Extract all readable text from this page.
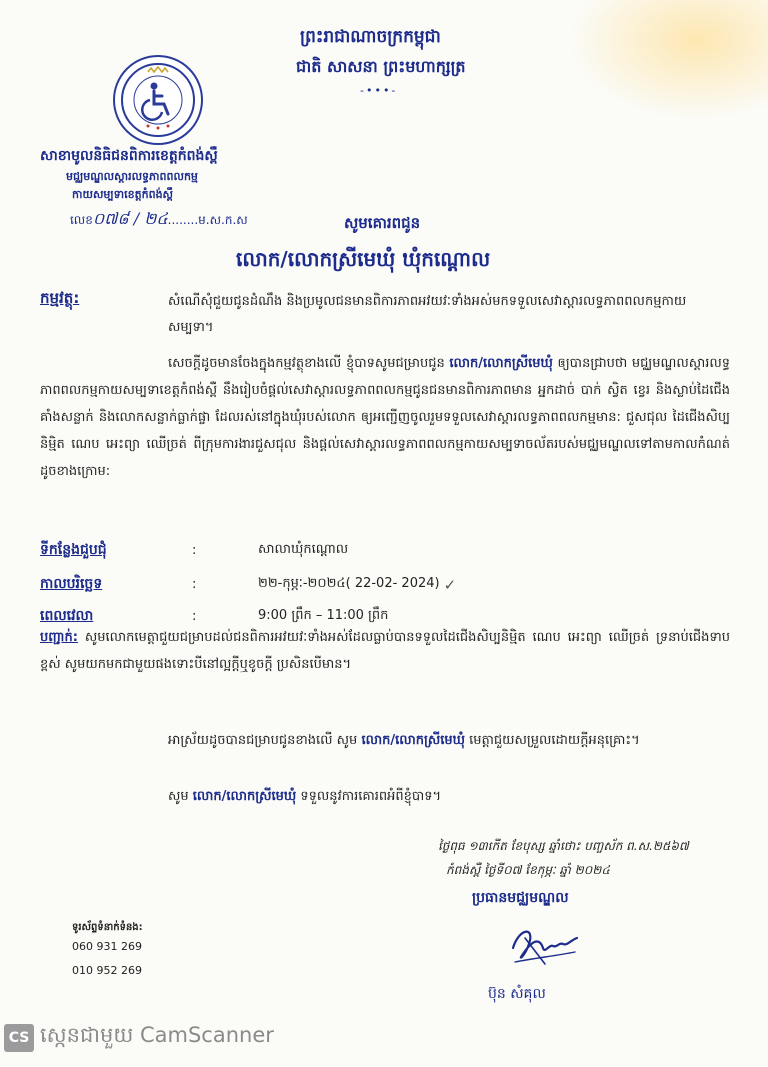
ព្រះរាជាណាចក្រកម្ពុជា
ជាតិ សាសនា ព្រះមហាក្សត្រ
-•••-
សាខាមូលនិធិជនពិការខេត្តកំពង់ស្ពឺ
មជ្ឈមណ្ឌលស្តារលទ្ធភាពពលកម្ម
កាយសម្បទាខេត្តកំពង់ស្ពឺ
លេខ០៧៨ / ២៤........ម.ស.ក.ស	សូមគោរពជូន
លោក/លោកស្រីមេឃុំ ឃុំកណ្តោល
កម្មវត្ថុ:	សំណើសុំជួយជូនដំណឹង និងប្រមូលជនមានពិការភាពអវយវៈទាំងអស់មកទទួលសេវាស្តារលទ្ធភាពពលកម្មកាយសម្បទា។
សេចក្តីដូចមានចែងក្នុងកម្មវត្ថុខាងលើ ខ្ញុំបាទសូមជម្រាបជូន លោក/លោកស្រីមេឃុំ ឲ្យបានជ្រាបថា មជ្ឈមណ្ឌលស្តារលទ្ធភាពពលកម្មកាយសម្បទាខេត្តកំពង់ស្ពឺ នឹងរៀបចំផ្តល់សេវាស្តារលទ្ធភាពពលកម្មជូនជនមានពិការភាពមាន អ្នកដាច់ បាក់ ស្វិត ខ្វេរ និងស្លាប់ដៃជើង គាំងសន្លាក់ និងលោកសន្លាក់ធ្លាក់ផ្ចា ដែលរស់នៅក្នុងឃុំរបស់លោក ឲ្យអញ្ជើញចូលរួមទទួលសេវាស្តារលទ្ធភាពពលកម្មមាន: ជួសជុល ដៃជើងសិប្បនិម្មិត ណេប អេះព្យា ឈើច្រត់ ពីក្រុមការងារជួសជុល និងផ្តល់សេវាស្តារលទ្ធភាពពលកម្មកាយសម្បទាចល័តរបស់មជ្ឈមណ្ឌលទៅតាមកាលកំណត់ដូចខាងក្រោម:
ទីកន្លែងជួបជុំ	:	សាលាឃុំកណ្តោល
កាលបរិច្ឆេទ	:	២២-កុម្ភៈ-២០២៤( 22-02- 2024) ✓
ពេលវេលា	:	9:00 ព្រឹក – 11:00 ព្រឹក
បញ្ជាក់: សូមលោកមេត្តាជួយជម្រាបដល់ជនពិការអវយវៈទាំងអស់ដែលធ្លាប់បានទទួលដៃជើងសិប្បនិម្មិត ណេប អេះព្យា ឈើច្រត់ ទ្រនាប់ជើងទាបខ្ពស់ សូមយកមកជាមួយផងទោះបីនៅល្អក្តីឬខូចក្តី ប្រសិនបើមាន។
អាស្រ័យដូចបានជម្រាបជូនខាងលើ សូម លោក/លោកស្រីមេឃុំ មេត្តាជួយសម្រួលដោយក្តីអនុគ្រោះ។
សូម លោក/លោកស្រីមេឃុំ ទទួលនូវការគោរពអំពីខ្ញុំបាទ។
ថ្ងៃពុធ ១៣កើត ខែបុស្ស ឆ្នាំថោះ បញ្ចស័ក ព.ស.២៥៦៧
កំពង់ស្ពឺ ថ្ងៃទី០៧ ខែកុម្ភៈ ឆ្នាំ ២០២៤
ប្រធានមជ្ឈមណ្ឌល
ប៊ុន សំគុល
ទូរស័ព្ទទំនាក់ទំនង:
060 931 269
010 952 269
CS ស្កេនជាមួយ CamScanner
